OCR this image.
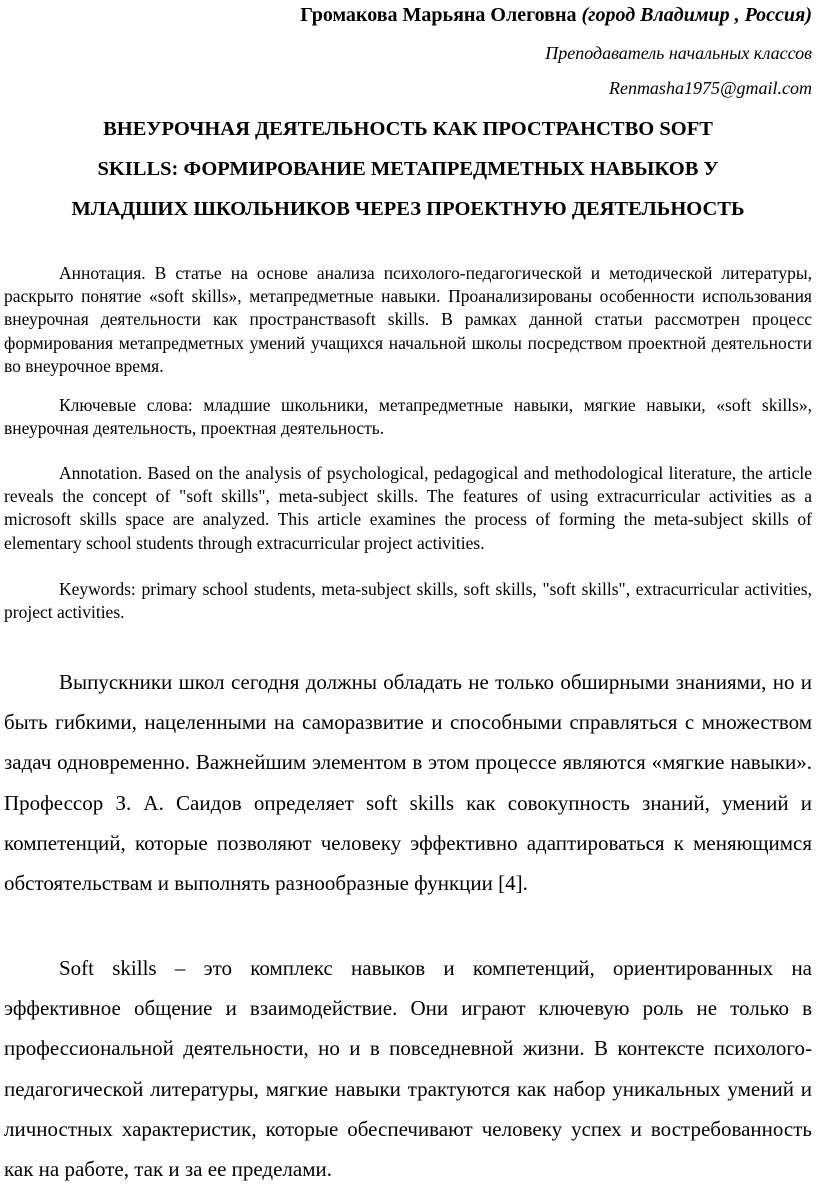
Громакова Марьяна Олеговна (город Владимир , Россия)
Преподаватель начальных классов
Renmasha1975@gmail.com
ВНЕУРОЧНАЯ ДЕЯТЕЛЬНОСТЬ КАК ПРОСТРАНСТВО SOFT
SKILLS: ФОРМИРОВАНИЕ МЕТАПРЕДМЕТНЫХ НАВЫКОВ У
МЛАДШИХ ШКОЛЬНИКОВ ЧЕРЕЗ ПРОЕКТНУЮ ДЕЯТЕЛЬНОСТЬ

Аннотация. В статье на основе анализа психолого-педагогической и методической литературы, раскрыто понятие «soft skills», метапредметные навыки. Проанализированы особенности использования внеурочная деятельности как пространстваsoft skills. В рамках данной статьи рассмотрен процесс формирования метапредметных умений учащихся начальной школы посредством проектной деятельности во внеурочное время.

Ключевые слова: младшие школьники, метапредметные навыки, мягкие навыки, «soft skills», внеурочная деятельность, проектная деятельность.

Annotation. Based on the analysis of psychological, pedagogical and methodological literature, the article reveals the concept of "soft skills", meta-subject skills. The features of using extracurricular activities as a microsoft skills space are analyzed. This article examines the process of forming the meta-subject skills of elementary school students through extracurricular project activities.

Keywords: primary school students, meta-subject skills, soft skills, "soft skills", extracurricular activities, project activities.

Выпускники школ сегодня должны обладать не только обширными знаниями, но и быть гибкими, нацеленными на саморазвитие и способными справляться с множеством задач одновременно. Важнейшим элементом в этом процессе являются «мягкие навыки». Профессор З. А. Саидов определяет soft skills как совокупность знаний, умений и компетенций, которые позволяют человеку эффективно адаптироваться к меняющимся обстоятельствам и выполнять разнообразные функции [4].

Soft skills – это комплекс навыков и компетенций, ориентированных на эффективное общение и взаимодействие. Они играют ключевую роль не только в профессиональной деятельности, но и в повседневной жизни. В контексте психолого-педагогической литературы, мягкие навыки трактуются как набор уникальных умений и личностных характеристик, которые обеспечивают человеку успех и востребованность как на работе, так и за ее пределами.
